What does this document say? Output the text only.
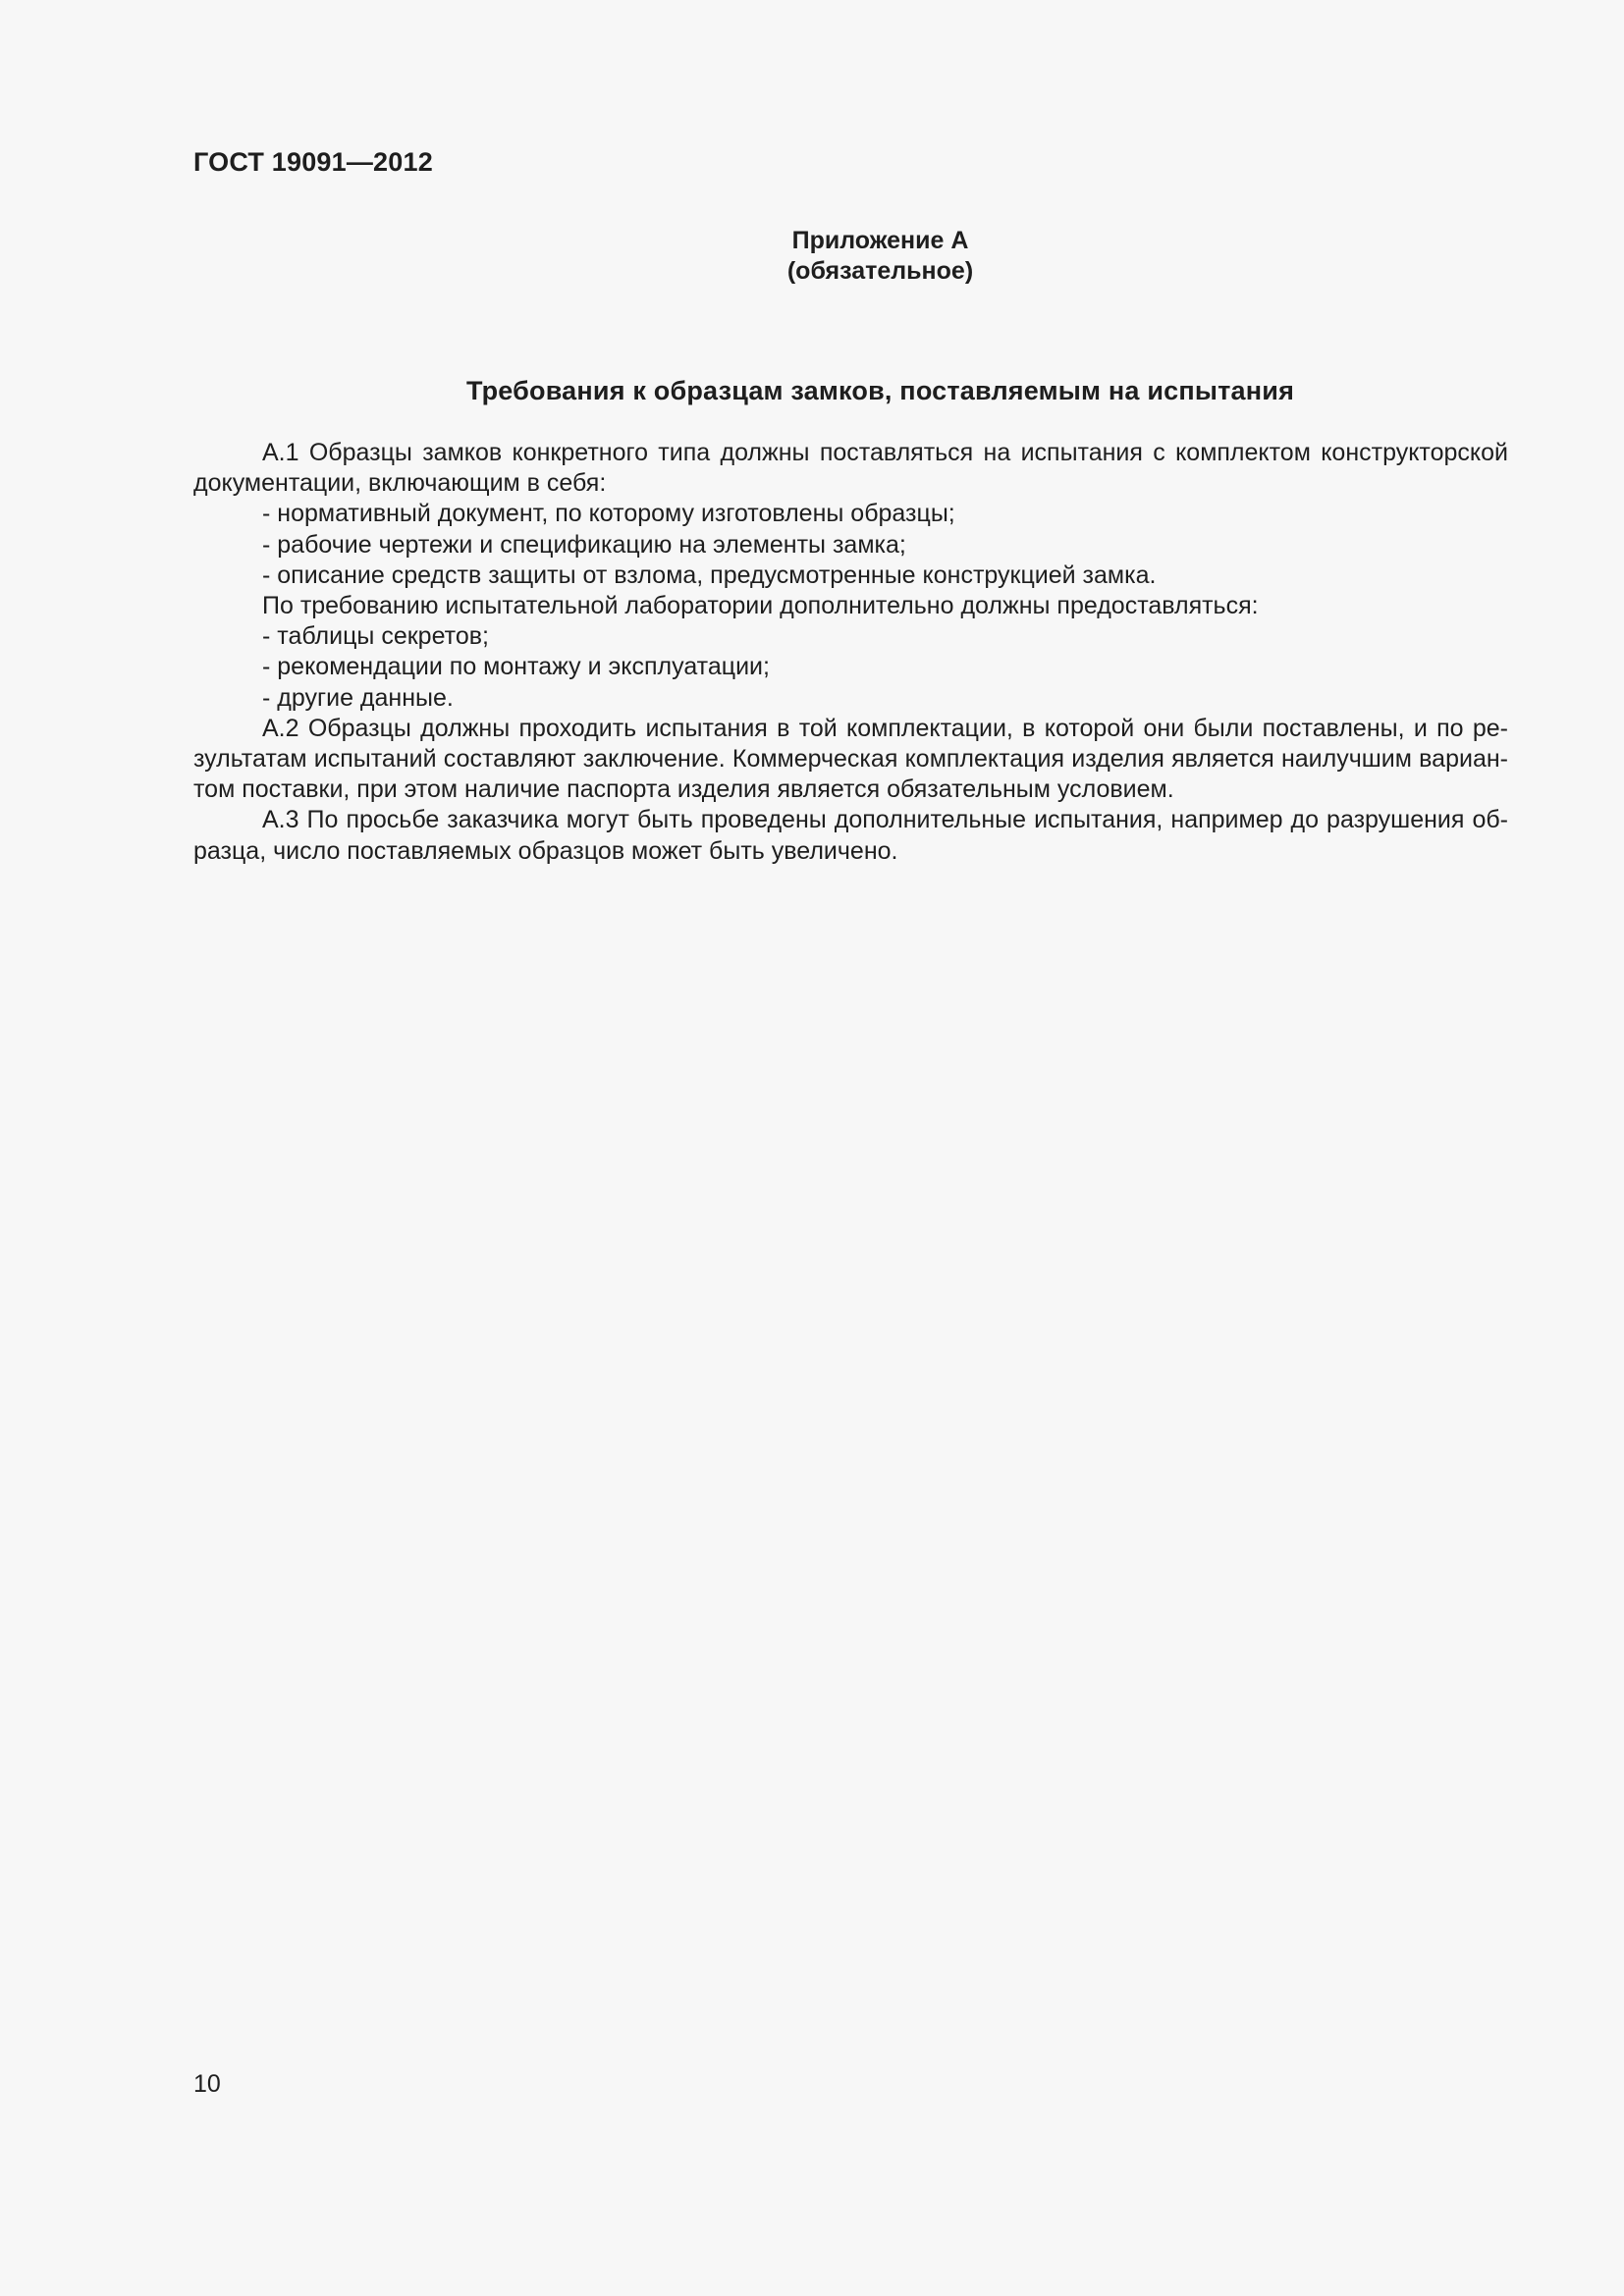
ГОСТ 19091—2012
Приложение А
(обязательное)
Требования к образцам замков, поставляемым на испытания

А.1 Образцы замков конкретного типа должны поставляться на испытания с комплектом конструкторской документации, включающим в себя:

- нормативный документ, по которому изготовлены образцы;

- рабочие чертежи и спецификацию на элементы замка;

- описание средств защиты от взлома, предусмотренные конструкцией замка.

По требованию испытательной лаборатории дополнительно должны предоставляться:

- таблицы секретов;

- рекомендации по монтажу и эксплуатации;

- другие данные.

А.2 Образцы должны проходить испытания в той комплектации, в которой они были поставлены, и по результатам испытаний составляют заключение. Коммерческая комплектация изделия является наилучшим вариантом поставки, при этом наличие паспорта изделия является обязательным условием.

А.3 По просьбе заказчика могут быть проведены дополнительные испытания, например до разрушения образца, число поставляемых образцов может быть увеличено.

10
